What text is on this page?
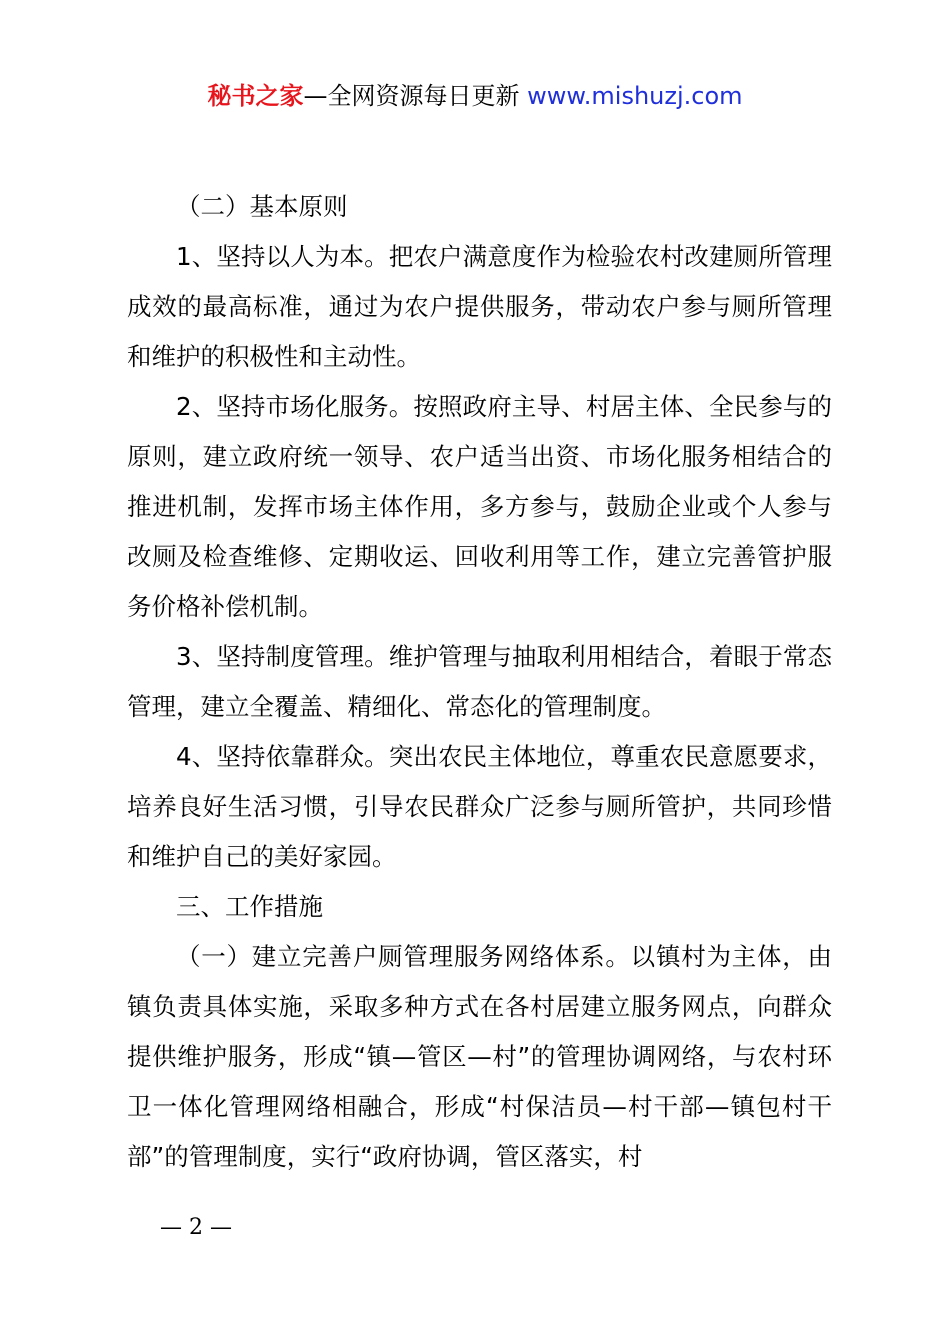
秘书之家—全网资源每日更新 www.mishuzj.com

（二）基本原则

1、坚持以人为本。把农户满意度作为检验农村改建厕所管理成效的最高标准，通过为农户提供服务，带动农户参与厕所管理和维护的积极性和主动性。

2、坚持市场化服务。按照政府主导、村居主体、全民参与的原则，建立政府统一领导、农户适当出资、市场化服务相结合的推进机制，发挥市场主体作用，多方参与，鼓励企业或个人参与改厕及检查维修、定期收运、回收利用等工作，建立完善管护服务价格补偿机制。

3、坚持制度管理。维护管理与抽取利用相结合，着眼于常态管理，建立全覆盖、精细化、常态化的管理制度。

4、坚持依靠群众。突出农民主体地位，尊重农民意愿要求，培养良好生活习惯，引导农民群众广泛参与厕所管护，共同珍惜和维护自己的美好家园。

三、工作措施

（一）建立完善户厕管理服务网络体系。以镇村为主体，由镇负责具体实施，采取多种方式在各村居建立服务网点，向群众提供维护服务，形成“镇—管区—村”的管理协调网络，与农村环卫一体化管理网络相融合，形成“村保洁员—村干部—镇包村干部”的管理制度，实行“政府协调，管区落实，村

— 2 —
